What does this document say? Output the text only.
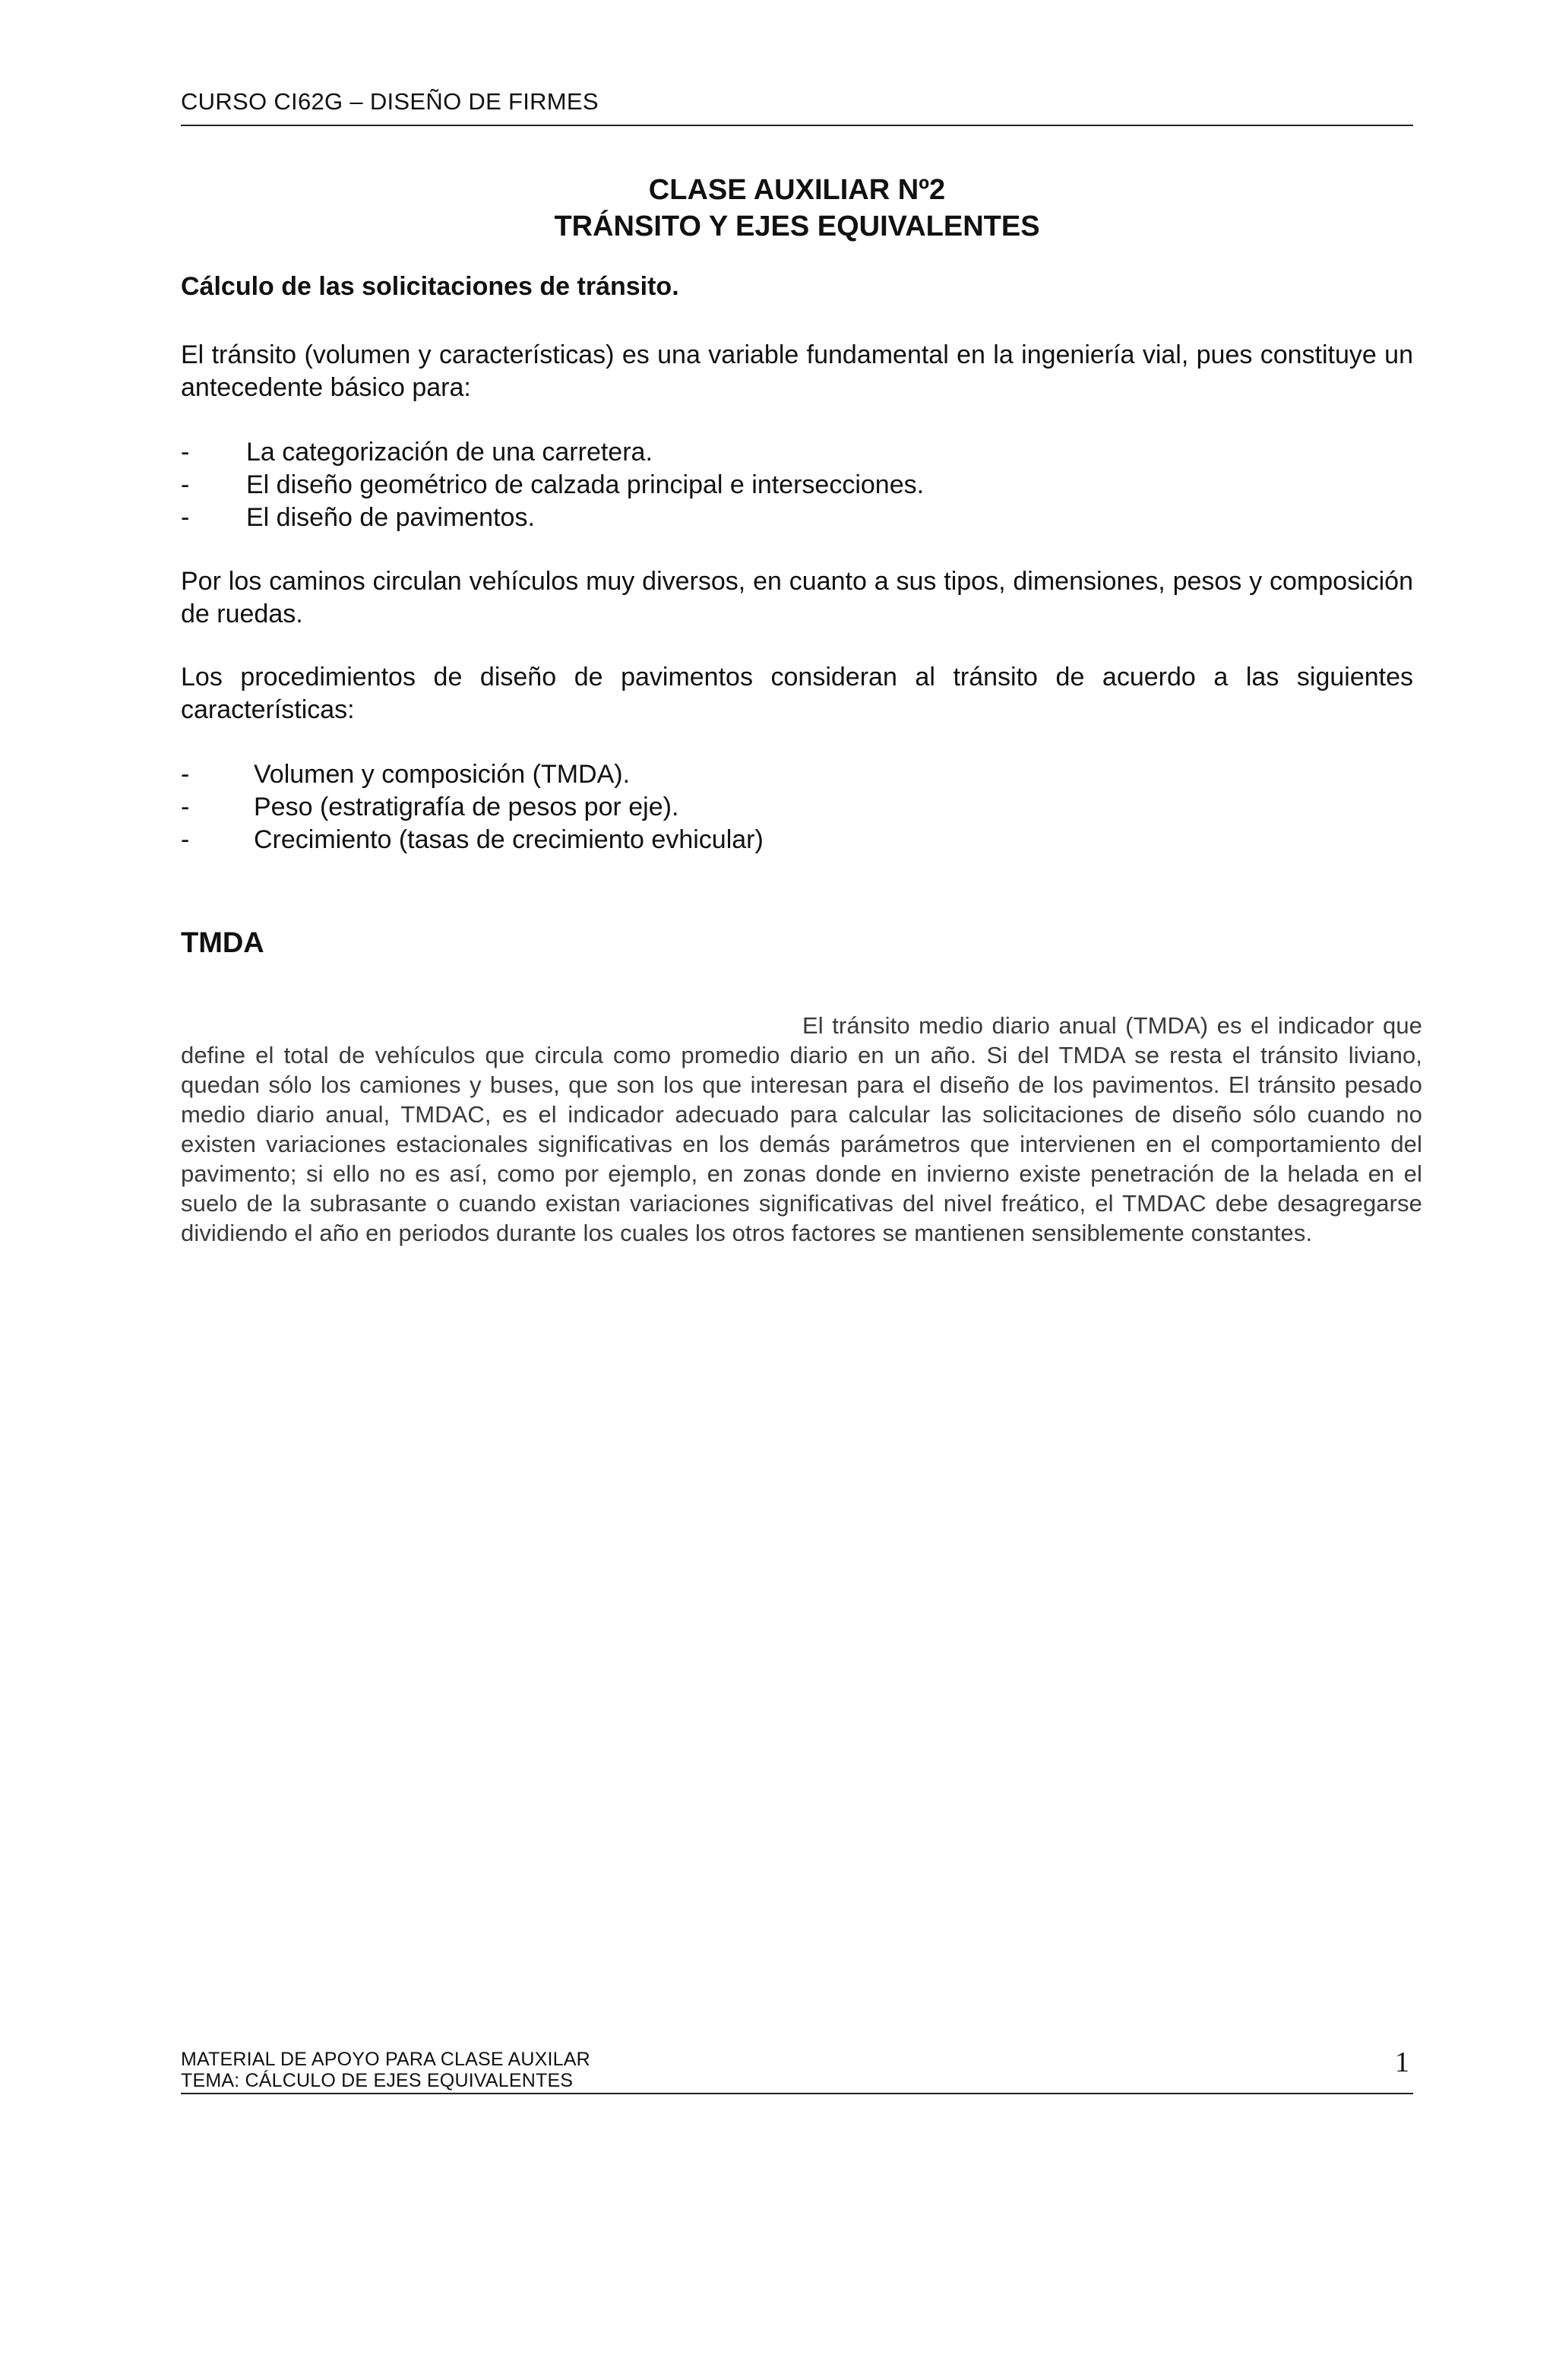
CURSO CI62G – DISEÑO DE FIRMES
CLASE AUXILIAR Nº2
TRÁNSITO Y EJES EQUIVALENTES
Cálculo de las solicitaciones de tránsito.
El tránsito (volumen y características) es una variable fundamental en la ingeniería vial, pues constituye un antecedente básico para:
- La categorización de una carretera.
- El diseño geométrico de calzada principal e intersecciones.
- El diseño de pavimentos.
Por los caminos circulan vehículos muy diversos, en cuanto a sus tipos, dimensiones, pesos y composición de ruedas.
Los procedimientos de diseño de pavimentos consideran al tránsito de acuerdo a las siguientes características:
- Volumen y composición (TMDA).
- Peso (estratigrafía de pesos por eje).
- Crecimiento (tasas de crecimiento evhicular)
TMDA
El tránsito medio diario anual (TMDA) es el indicador que define el total de vehículos que circula como promedio diario en un año. Si del TMDA se resta el tránsito liviano, quedan sólo los camiones y buses, que son los que interesan para el diseño de los pavimentos. El tránsito pesado medio diario anual, TMDAC, es el indicador adecuado para calcular las solicitaciones de diseño sólo cuando no existen variaciones estacionales significativas en los demás parámetros que intervienen en el comportamiento del pavimento; si ello no es así, como por ejemplo, en zonas donde en invierno existe penetración de la helada en el suelo de la subrasante o cuando existan variaciones significativas del nivel freático, el TMDAC debe desagregarse dividiendo el año en periodos durante los cuales los otros factores se mantienen sensiblemente constantes.
MATERIAL DE APOYO PARA CLASE AUXILAR
TEMA: CÁLCULO DE EJES EQUIVALENTES
1
